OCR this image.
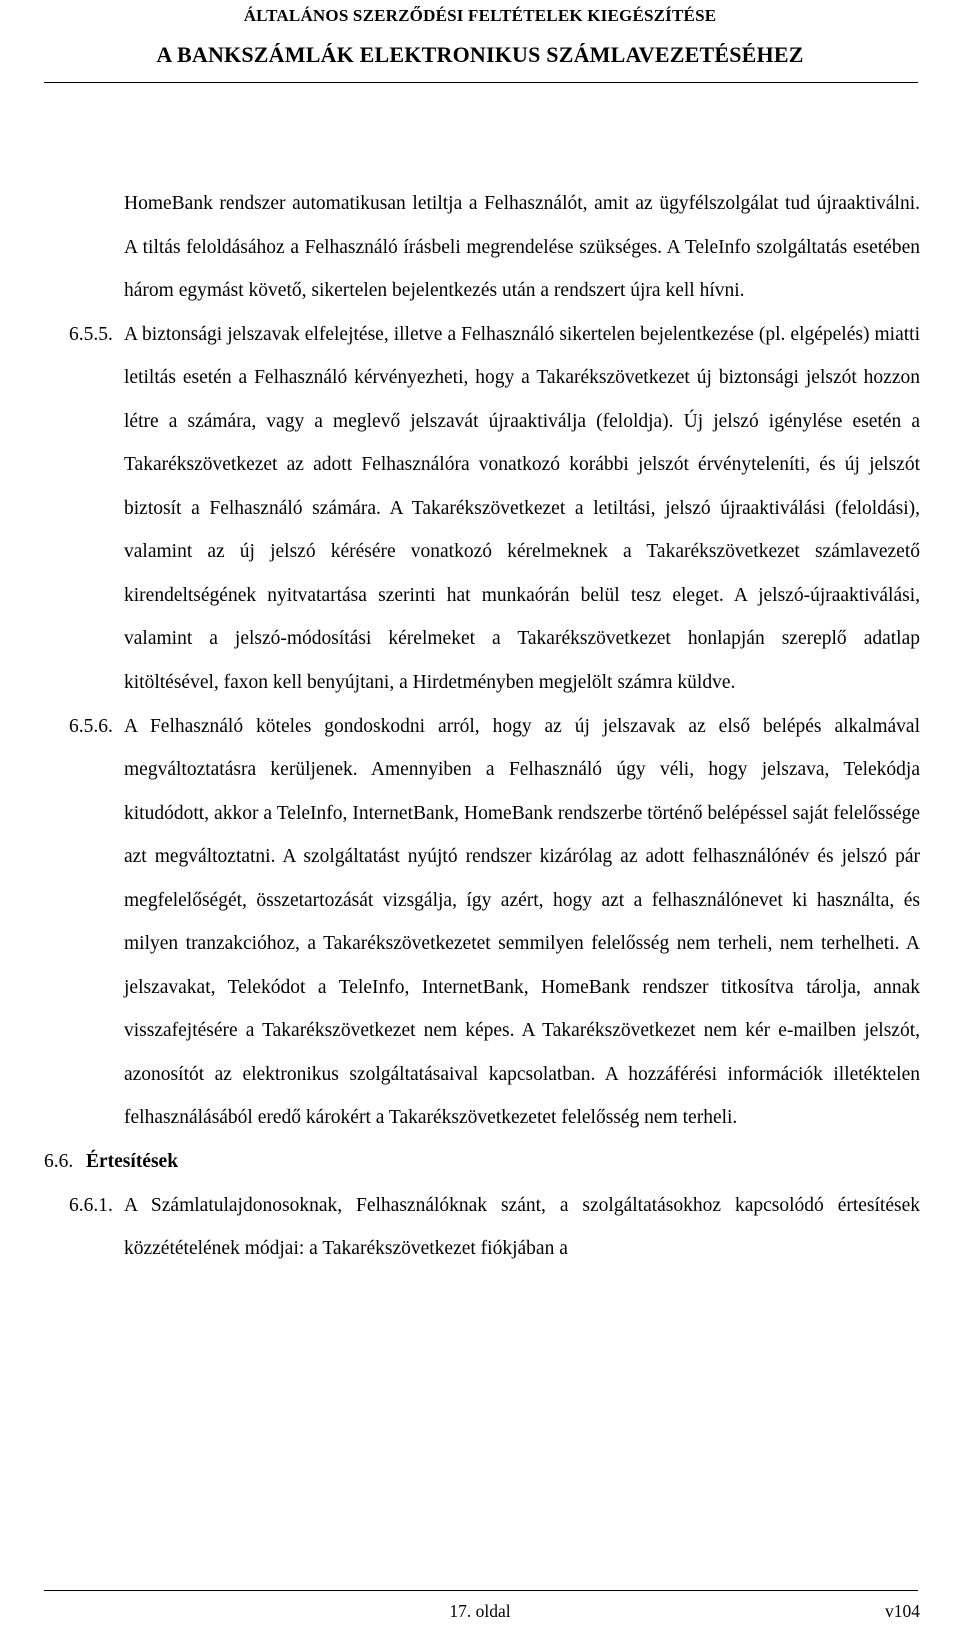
ÁLTALÁNOS SZERZŐDÉSI FELTÉTELEK KIEGÉSZÍTÉSE
A BANKSZÁMLÁK ELEKTRONIKUS SZÁMLAVEZETÉSÉHEZ

HomeBank rendszer automatikusan letiltja a Felhasználót, amit az ügyfélszolgálat tud újraaktiválni. A tiltás feloldásához a Felhasználó írásbeli megrendelése szükséges. A TeleInfo szolgáltatás esetében három egymást követő, sikertelen bejelentkezés után a rendszert újra kell hívni.

6.5.5. A biztonsági jelszavak elfelejtése, illetve a Felhasználó sikertelen bejelentkezése (pl. elgépelés) miatti letiltás esetén a Felhasználó kérvényezheti, hogy a Takarékszövetkezet új biztonsági jelszót hozzon létre a számára, vagy a meglevő jelszavát újraaktiválja (feloldja). Új jelszó igénylése esetén a Takarékszövetkezet az adott Felhasználóra vonatkozó korábbi jelszót érvényteleníti, és új jelszót biztosít a Felhasználó számára. A Takarékszövetkezet a letiltási, jelszó újraaktiválási (feloldási), valamint az új jelszó kérésére vonatkozó kérelmeknek a Takarékszövetkezet számlavezető kirendeltségének nyitvatartása szerinti hat munkaórán belül tesz eleget. A jelszó-újraaktiválási, valamint a jelszó-módosítási kérelmeket a Takarékszövetkezet honlapján szereplő adatlap kitöltésével, faxon kell benyújtani, a Hirdetményben megjelölt számra küldve.

6.5.6. A Felhasználó köteles gondoskodni arról, hogy az új jelszavak az első belépés alkalmával megváltoztatásra kerüljenek. Amennyiben a Felhasználó úgy véli, hogy jelszava, Telekódja kitudódott, akkor a TeleInfo, InternetBank, HomeBank rendszerbe történő belépéssel saját felelőssége azt megváltoztatni. A szolgáltatást nyújtó rendszer kizárólag az adott felhasználónév és jelszó pár megfelelőségét, összetartozását vizsgálja, így azért, hogy azt a felhasználónevet ki használta, és milyen tranzakcióhoz, a Takarékszövetkezetet semmilyen felelősség nem terheli, nem terhelheti. A jelszavakat, Telekódot a TeleInfo, InternetBank, HomeBank rendszer titkosítva tárolja, annak visszafejtésére a Takarékszövetkezet nem képes. A Takarékszövetkezet nem kér e-mailben jelszót, azonosítót az elektronikus szolgáltatásaival kapcsolatban. A hozzáférési információk illetéktelen felhasználásából eredő károkért a Takarékszövetkezetet felelősség nem terheli.

6.6. Értesítések
6.6.1. A Számlatulajdonosoknak, Felhasználóknak szánt, a szolgáltatásokhoz kapcsolódó értesítések közzétételének módjai: a Takarékszövetkezet fiókjában a

17. oldal	v104
